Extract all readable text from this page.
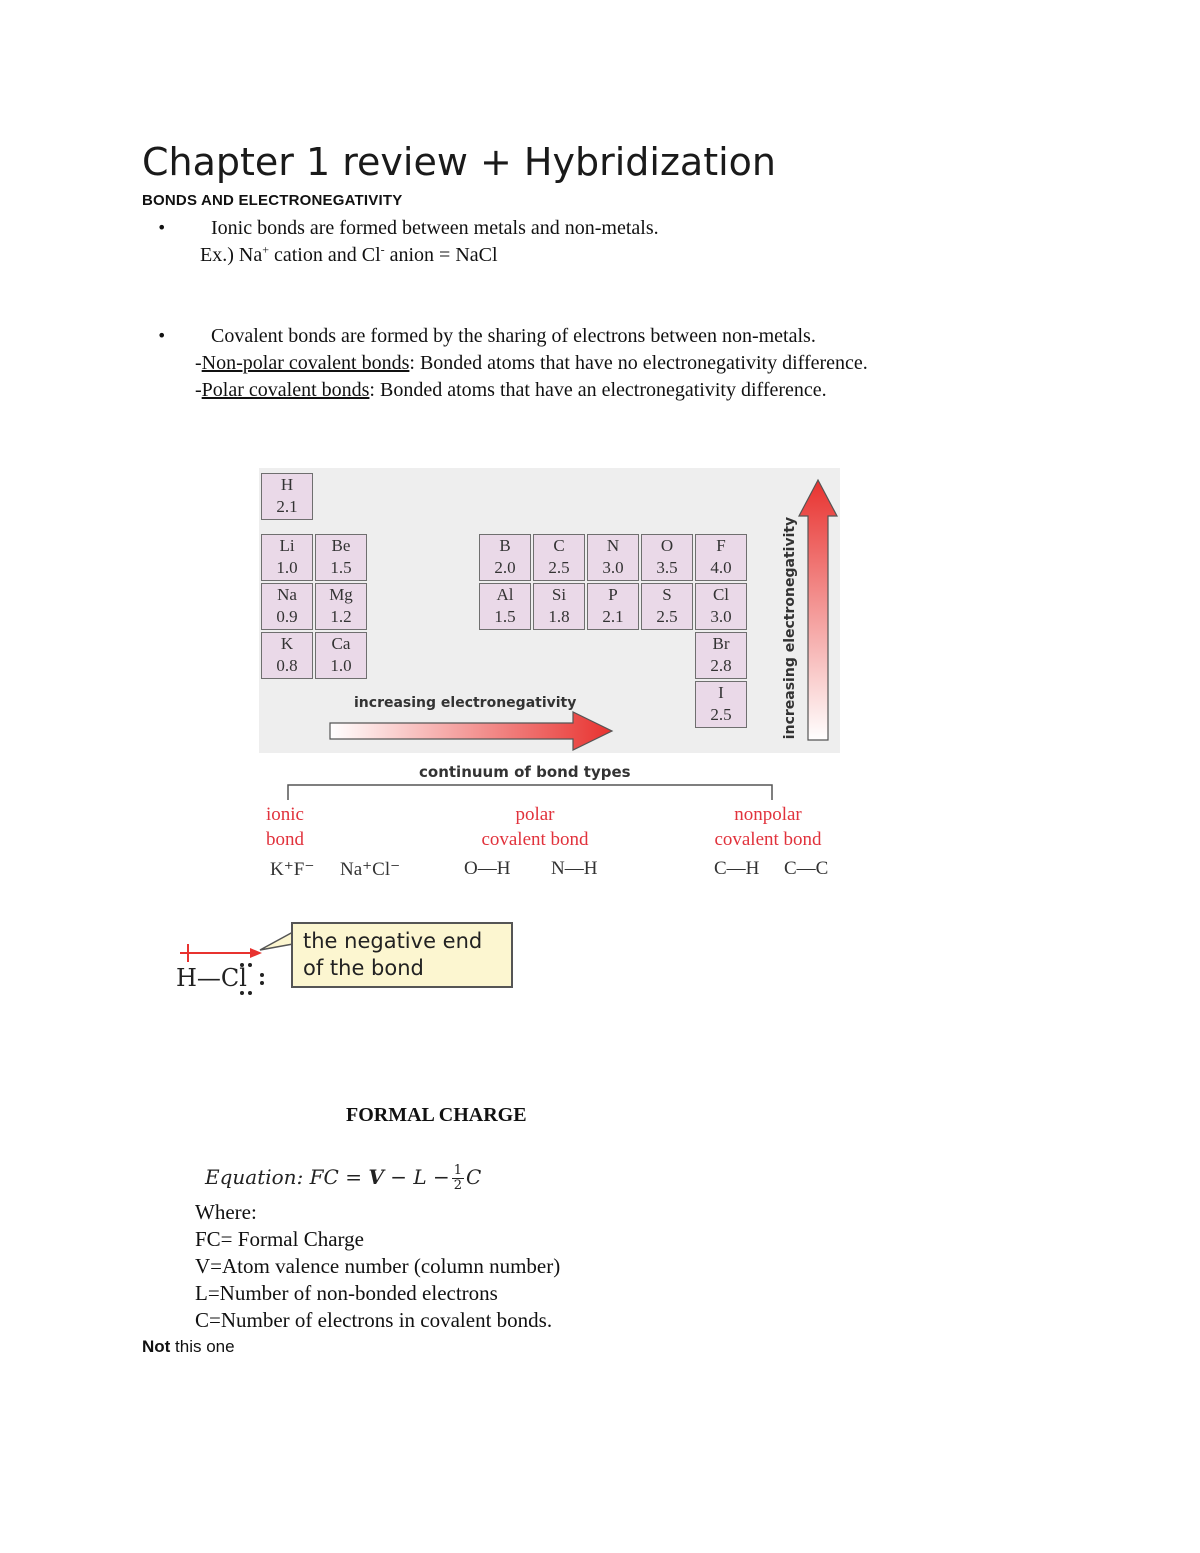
Chapter 1 review + Hybridization
BONDS AND ELECTRONEGATIVITY
• Ionic bonds are formed between metals and non-metals.
Ex.) Na+ cation and Cl- anion = NaCl
• Covalent bonds are formed by the sharing of electrons between non-metals.
-Non-polar covalent bonds: Bonded atoms that have no electronegativity difference.
-Polar covalent bonds: Bonded atoms that have an electronegativity difference.
H
2.1
Li
1.0
Be
1.5
Na
0.9
Mg
1.2
K
0.8
Ca
1.0
B
2.0
C
2.5
N
3.0
O
3.5
F
4.0
Al
1.5
Si
1.8
P
2.1
S
2.5
Cl
3.0
Br
2.8
I
2.5
increasing electronegativity	increasing electronegativity
continuum of bond types
ionic
bond
polar
covalent bond
nonpolar
covalent bond
K⁺F⁻ Na⁺Cl⁻	O—H N—H	C—H C—C
H—Cl
the negative end of the bond
FORMAL CHARGE
Equation: FC = $V - L - \frac{1}{2}$ C
Where:
FC= Formal Charge
V=Atom valence number (column number)
L=Number of non-bonded electrons
C=Number of electrons in covalent bonds.
Not this one
